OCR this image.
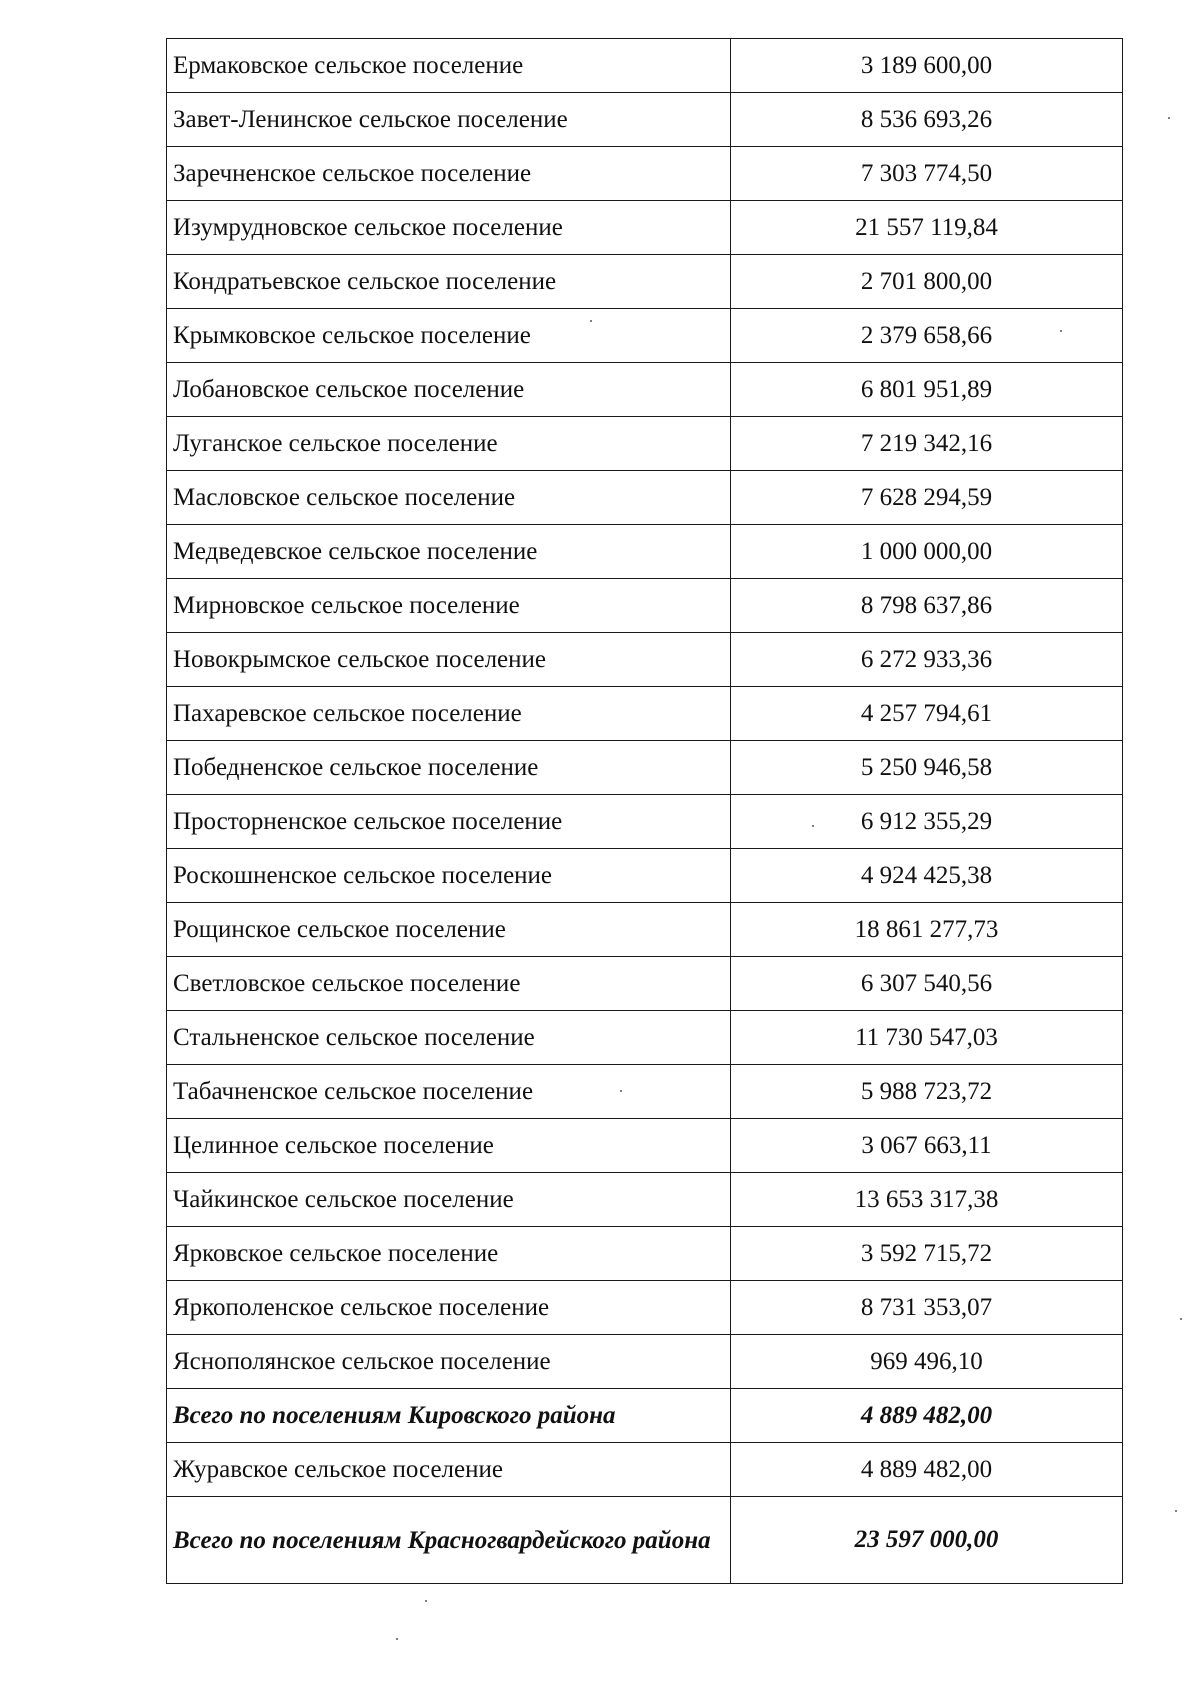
Ермаковское сельское поселение	3 189 600,00
Завет-Ленинское сельское поселение	8 536 693,26
Заречненское сельское поселение	7 303 774,50
Изумрудновское сельское поселение	21 557 119,84
Кондратьевское сельское поселение	2 701 800,00
Крымковское сельское поселение	2 379 658,66
Лобановское сельское поселение	6 801 951,89
Луганское сельское поселение	7 219 342,16
Масловское сельское поселение	7 628 294,59
Медведевское сельское поселение	1 000 000,00
Мирновское сельское поселение	8 798 637,86
Новокрымское сельское поселение	6 272 933,36
Пахаревское сельское поселение	4 257 794,61
Победненское сельское поселение	5 250 946,58
Просторненское сельское поселение	6 912 355,29
Роскошненское сельское поселение	4 924 425,38
Рощинское сельское поселение	18 861 277,73
Светловское сельское поселение	6 307 540,56
Стальненское сельское поселение	11 730 547,03
Табачненское сельское поселение	5 988 723,72
Целинное сельское поселение	3 067 663,11
Чайкинское сельское поселение	13 653 317,38
Ярковское сельское поселение	3 592 715,72
Яркополенское сельское поселение	8 731 353,07
Яснополянское сельское поселение	969 496,10
Всего по поселениям Кировского района	4 889 482,00
Журавское сельское поселение	4 889 482,00
Всего по поселениям Красногвардейского района	23 597 000,00
